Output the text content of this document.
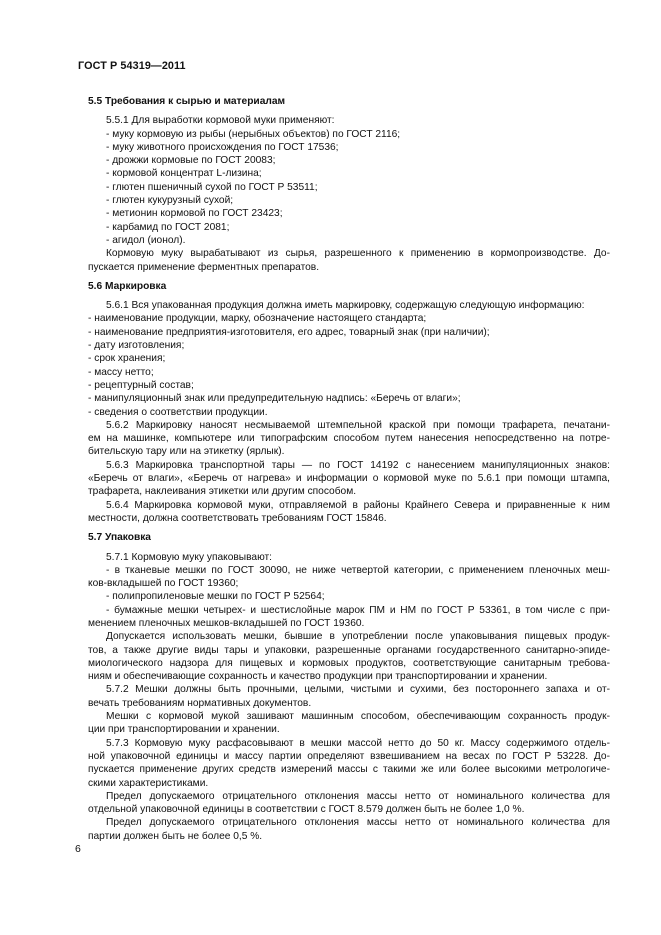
ГОСТ Р 54319—2011
5.5 Требования к сырью и материалам
5.5.1 Для выработки кормовой муки применяют:
- муку кормовую из рыбы (нерыбных объектов) по ГОСТ 2116;
- муку животного происхождения по ГОСТ 17536;
- дрожжи кормовые по ГОСТ 20083;
- кормовой концентрат L-лизина;
- глютен пшеничный сухой по ГОСТ Р 53511;
- глютен кукурузный сухой;
- метионин кормовой по ГОСТ 23423;
- карбамид по ГОСТ 2081;
- агидол (ионол).
Кормовую муку вырабатывают из сырья, разрешенного к применению в кормопроизводстве. До-
пускается применение ферментных препаратов.
5.6 Маркировка
5.6.1 Вся упакованная продукция должна иметь маркировку, содержащую следующую информацию:
- наименование продукции, марку, обозначение настоящего стандарта;
- наименование предприятия-изготовителя, его адрес, товарный знак (при наличии);
- дату изготовления;
- срок хранения;
- массу нетто;
- рецептурный состав;
- манипуляционный знак или предупредительную надпись: «Беречь от влаги»;
- сведения о соответствии продукции.
5.6.2 Маркировку наносят несмываемой штемпельной краской при помощи трафарета, печатани-
ем на машинке, компьютере или типографским способом путем нанесения непосредственно на потре-
бительскую тару или на этикетку (ярлык).
5.6.3 Маркировка транспортной тары — по ГОСТ 14192 с нанесением манипуляционных знаков:
«Беречь от влаги», «Беречь от нагрева» и информации о кормовой муке по 5.6.1 при помощи штампа,
трафарета, наклеивания этикетки или другим способом.
5.6.4 Маркировка кормовой муки, отправляемой в районы Крайнего Севера и приравненные к ним
местности, должна соответствовать требованиям ГОСТ 15846.
5.7 Упаковка
5.7.1 Кормовую муку упаковывают:
- в тканевые мешки по ГОСТ 30090, не ниже четвертой категории, с применением пленочных меш-
ков-вкладышей по ГОСТ 19360;
- полипропиленовые мешки по ГОСТ Р 52564;
- бумажные мешки четырех- и шестислойные марок ПМ и НМ по ГОСТ Р 53361, в том числе с при-
менением пленочных мешков-вкладышей по ГОСТ 19360.
Допускается использовать мешки, бывшие в употреблении после упаковывания пищевых продук-
тов, а также другие виды тары и упаковки, разрешенные органами государственного санитарно-эпиде-
миологического надзора для пищевых и кормовых продуктов, соответствующие санитарным требова-
ниям и обеспечивающие сохранность и качество продукции при транспортировании и хранении.
5.7.2 Мешки должны быть прочными, целыми, чистыми и сухими, без постороннего запаха и от-
вечать требованиям нормативных документов.
Мешки с кормовой мукой зашивают машинным способом, обеспечивающим сохранность продук-
ции при транспортировании и хранении.
5.7.3 Кормовую муку расфасовывают в мешки массой нетто до 50 кг. Массу содержимого отдель-
ной упаковочной единицы и массу партии определяют взвешиванием на весах по ГОСТ Р 53228. До-
пускается применение других средств измерений массы с такими же или более высокими метрологиче-
скими характеристиками.
Предел допускаемого отрицательного отклонения массы нетто от номинального количества для
отдельной упаковочной единицы в соответствии с ГОСТ 8.579 должен быть не более 1,0 %.
Предел допускаемого отрицательного отклонения массы нетто от номинального количества для
партии должен быть не более 0,5 %.
6
